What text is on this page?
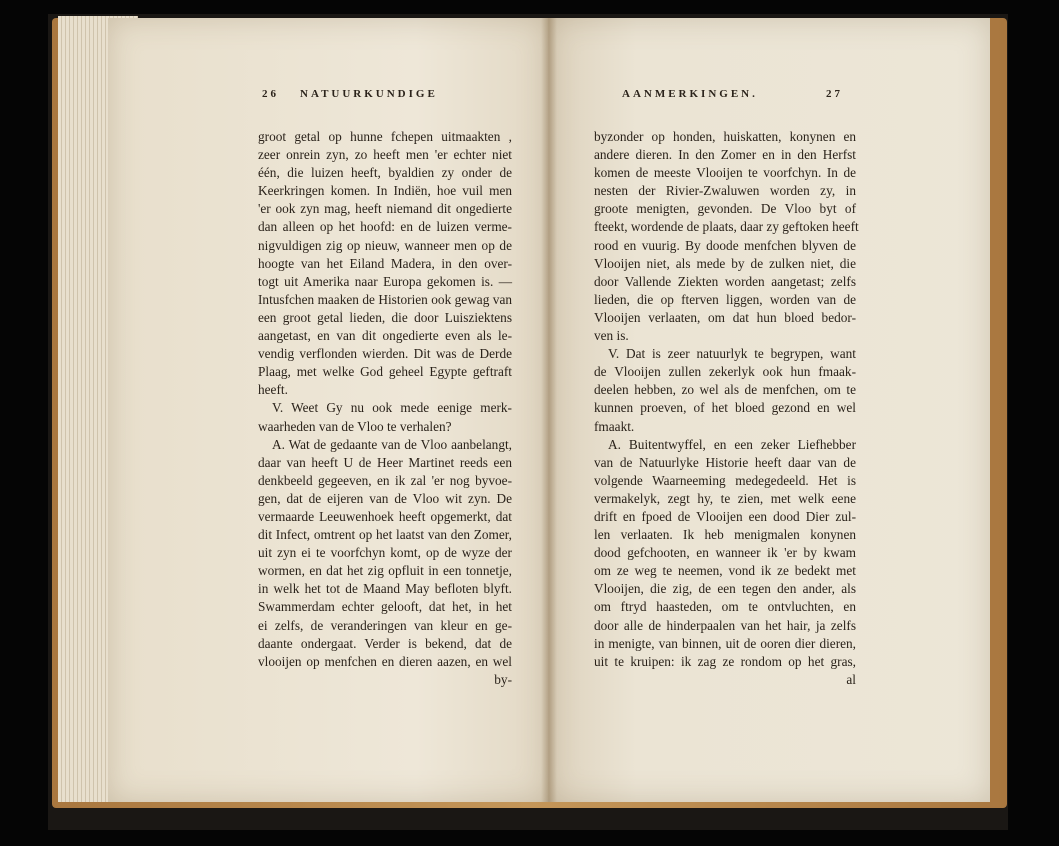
26 NATUURKUNDIGE	AANMERKINGEN.	27
groot getal op hunne fchepen uitmaakten ,
zeer onrein zyn, zo heeft men 'er echter niet
één, die luizen heeft, byaldien zy onder de
Keerkringen komen. In Indiën, hoe vuil men
'er ook zyn mag, heeft niemand dit ongedierte
dan alleen op het hoofd: en de luizen verme-
nigvuldigen zig op nieuw, wanneer men op de
hoogte van het Eiland Madera, in den over-
togt uit Amerika naar Europa gekomen is. —
Intusfchen maaken de Historien ook gewag van
een groot getal lieden, die door Luisziektens
aangetast, en van dit ongedierte even als le-
vendig verflonden wierden. Dit was de Derde
Plaag, met welke God geheel Egypte geftraft
heeft.
V. Weet Gy nu ook mede eenige merk-
waarheden van de Vloo te verhalen?
A. Wat de gedaante van de Vloo aanbelangt,
daar van heeft U de Heer Martinet reeds een
denkbeeld gegeeven, en ik zal 'er nog byvoe-
gen, dat de eijeren van de Vloo wit zyn. De
vermaarde Leeuwenhoek heeft opgemerkt, dat
dit Infect, omtrent op het laatst van den Zomer,
uit zyn ei te voorfchyn komt, op de wyze der
wormen, en dat het zig opfluit in een tonnetje,
in welk het tot de Maand May befloten blyft.
Swammerdam echter gelooft, dat het, in het
ei zelfs, de veranderingen van kleur en ge-
daante ondergaat. Verder is bekend, dat de
vlooijen op menfchen en dieren aazen, en wel
by-
byzonder op honden, huiskatten, konynen en
andere dieren. In den Zomer en in den Herfst
komen de meeste Vlooijen te voorfchyn. In de
nesten der Rivier-Zwaluwen worden zy, in
groote menigten, gevonden. De Vloo byt of
fteekt, wordende de plaats, daar zy geftoken heeft
rood en vuurig. By doode menfchen blyven de
Vlooijen niet, als mede by de zulken niet, die
door Vallende Ziekten worden aangetast; zelfs
lieden, die op fterven liggen, worden van de
Vlooijen verlaaten, om dat hun bloed bedor-
ven is.
V. Dat is zeer natuurlyk te begrypen, want
de Vlooijen zullen zekerlyk ook hun fmaak-
deelen hebben, zo wel als de menfchen, om te
kunnen proeven, of het bloed gezond en wel
fmaakt.
A. Buitentwyffel, en een zeker Liefhebber
van de Natuurlyke Historie heeft daar van de
volgende Waarneeming medegedeeld. Het is
vermakelyk, zegt hy, te zien, met welk eene
drift en fpoed de Vlooijen een dood Dier zul-
len verlaaten. Ik heb menigmalen konynen
dood gefchooten, en wanneer ik 'er by kwam
om ze weg te neemen, vond ik ze bedekt met
Vlooijen, die zig, de een tegen den ander, als
om ftryd haasteden, om te ontvluchten, en
door alle de hinderpaalen van het hair, ja zelfs
in menigte, van binnen, uit de ooren dier dieren,
uit te kruipen: ik zag ze rondom op het gras,
al
